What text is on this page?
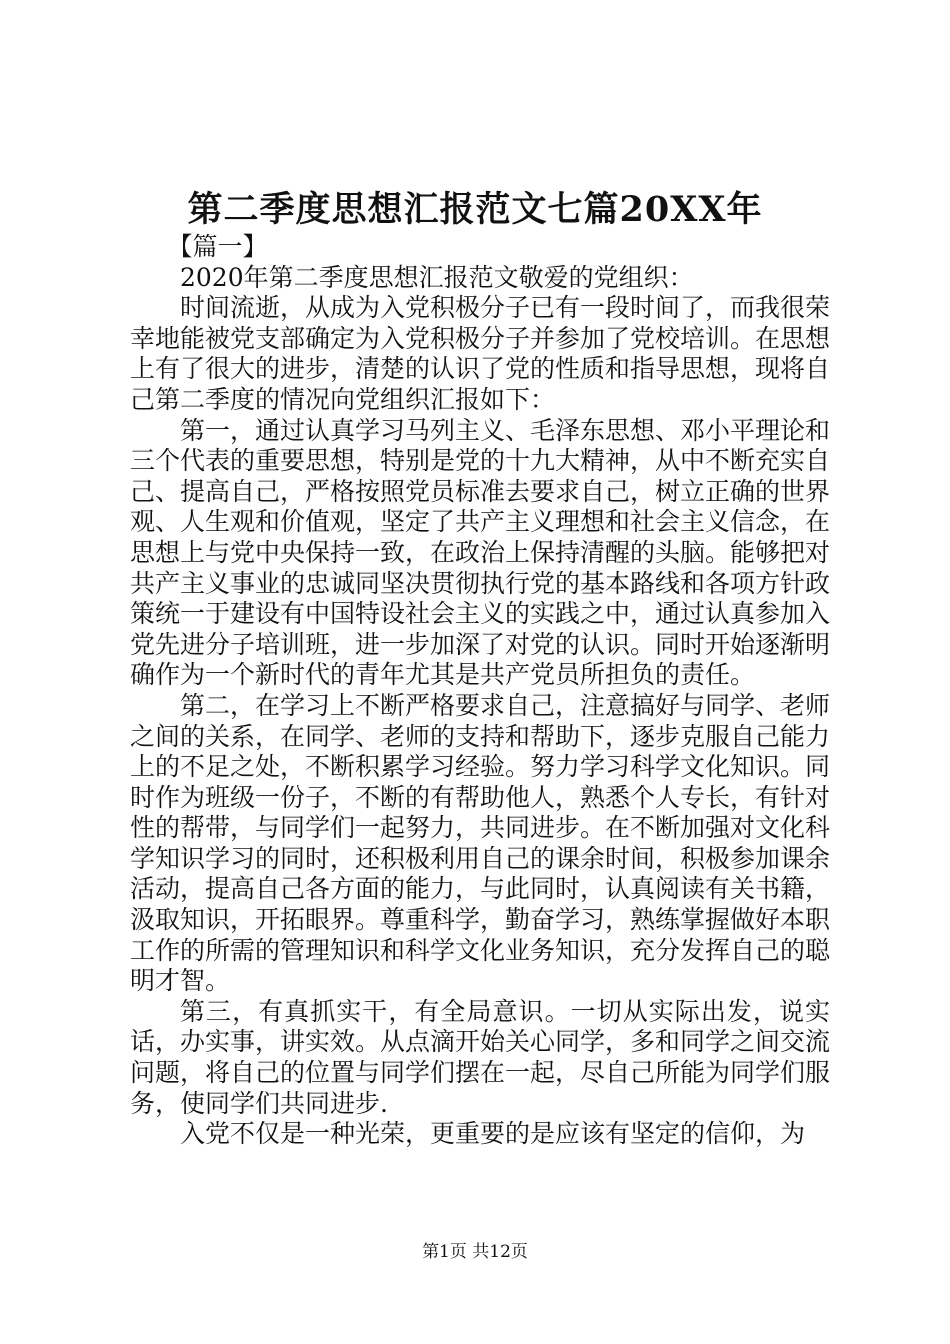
第二季度思想汇报范文七篇20XX年

【篇一】

2020年第二季度思想汇报范文敬爱的党组织：

时间流逝，从成为入党积极分子已有一段时间了，而我很荣幸地能被党支部确定为入党积极分子并参加了党校培训。在思想上有了很大的进步，清楚的认识了党的性质和指导思想，现将自己第二季度的情况向党组织汇报如下：

第一，通过认真学习马列主义、毛泽东思想、邓小平理论和三个代表的重要思想，特别是党的十九大精神，从中不断充实自己、提高自己，严格按照党员标准去要求自己，树立正确的世界观、人生观和价值观，坚定了共产主义理想和社会主义信念，在思想上与党中央保持一致，在政治上保持清醒的头脑。能够把对共产主义事业的忠诚同坚决贯彻执行党的基本路线和各项方针政策统一于建设有中国特设社会主义的实践之中，通过认真参加入党先进分子培训班，进一步加深了对党的认识。同时开始逐渐明确作为一个新时代的青年尤其是共产党员所担负的责任。

第二，在学习上不断严格要求自己，注意搞好与同学、老师之间的关系，在同学、老师的支持和帮助下，逐步克服自己能力上的不足之处，不断积累学习经验。努力学习科学文化知识。同时作为班级一份子，不断的有帮助他人，熟悉个人专长，有针对性的帮带，与同学们一起努力，共同进步。在不断加强对文化科学知识学习的同时，还积极利用自己的课余时间，积极参加课余活动，提高自己各方面的能力，与此同时，认真阅读有关书籍，汲取知识，开拓眼界。尊重科学，勤奋学习，熟练掌握做好本职工作的所需的管理知识和科学文化业务知识，充分发挥自己的聪明才智。

第三，有真抓实干，有全局意识。一切从实际出发，说实话，办实事，讲实效。从点滴开始关心同学，多和同学之间交流问题，将自己的位置与同学们摆在一起，尽自己所能为同学们服务，使同学们共同进步.

入党不仅是一种光荣，更重要的是应该有坚定的信仰，为

第1页 共12页
